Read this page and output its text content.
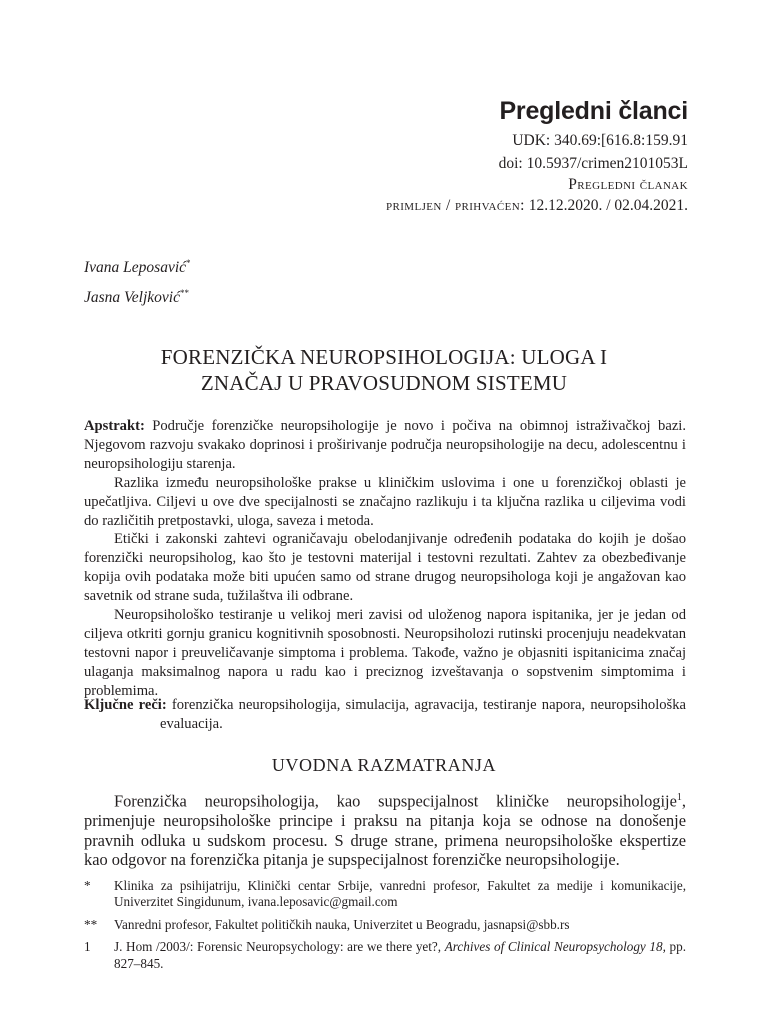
Pregledni članci
UDK: 340.69:[616.8:159.91
doi: 10.5937/crimen2101053L
Pregledni članak
primljen / prihvaćen: 12.12.2020. / 02.04.2021.
Ivana Leposavić*
Jasna Veljković**
FORENZIČKA NEUROPSIHOLOGIJA: ULOGA I
ZNAČAJ U PRAVOSUDNOM SISTEMU

Apstrakt: Područje forenzičke neuropsihologije je novo i počiva na obimnoj istraživačkoj bazi. Njegovom razvoju svakako doprinosi i proširivanje područja neuropsihologije na decu, adolescentnu i neuropsihologiju starenja.

Razlika između neuropsihološke prakse u kliničkim uslovima i one u forenzičkoj oblasti je upečatljiva. Ciljevi u ove dve specijalnosti se značajno razlikuju i ta ključna razlika u ciljevima vodi do različitih pretpostavki, uloga, saveza i metoda.

Etički i zakonski zahtevi ograničavaju obelodanjivanje određenih podataka do kojih je došao forenzički neuropsiholog, kao što je testovni materijal i testovni rezultati. Zahtev za obezbeđivanje kopija ovih podataka može biti upućen samo od strane drugog neuropsihologa koji je angažovan kao savetnik od strane suda, tužilaštva ili odbrane.

Neuropsihološko testiranje u velikoj meri zavisi od uloženog napora ispitanika, jer je jedan od ciljeva otkriti gornju granicu kognitivnih sposobnosti. Neuropsiholozi rutinski procenjuju neadekvatan testovni napor i preuveličavanje simptoma i problema. Takođe, važno je objasniti ispitanicima značaj ulaganja maksimalnog napora u radu kao i preciznog izveštavanja o sopstvenim simptomima i problemima.

Ključne reči: forenzička neuropsihologija, simulacija, agravacija, testiranje napora, neuropsihološka evaluacija.
UVODNA RAZMATRANJA

Forenzička neuropsihologija, kao supspecijalnost kliničke neuropsihologije$^1$, primenjuje neuropsihološke principe i praksu na pitanja koja se odnose na donošenje pravnih odluka u sudskom procesu. S druge strane, primena neuropsihološke ekspertize kao odgovor na forenzička pitanja je supspecijalnost forenzičke neuropsihologije.

* Klinika za psihijatriju, Klinički centar Srbije, vanredni profesor, Fakultet za medije i komunikacije, Univerzitet Singidunum, ivana.leposavic@gmail.com
** Vanredni profesor, Fakultet političkih nauka, Univerzitet u Beogradu, jasnapsi@sbb.rs
1 J. Hom /2003/: Forensic Neuropsychology: are we there yet?, Archives of Clinical Neuropsychology 18, pp. 827–845.
